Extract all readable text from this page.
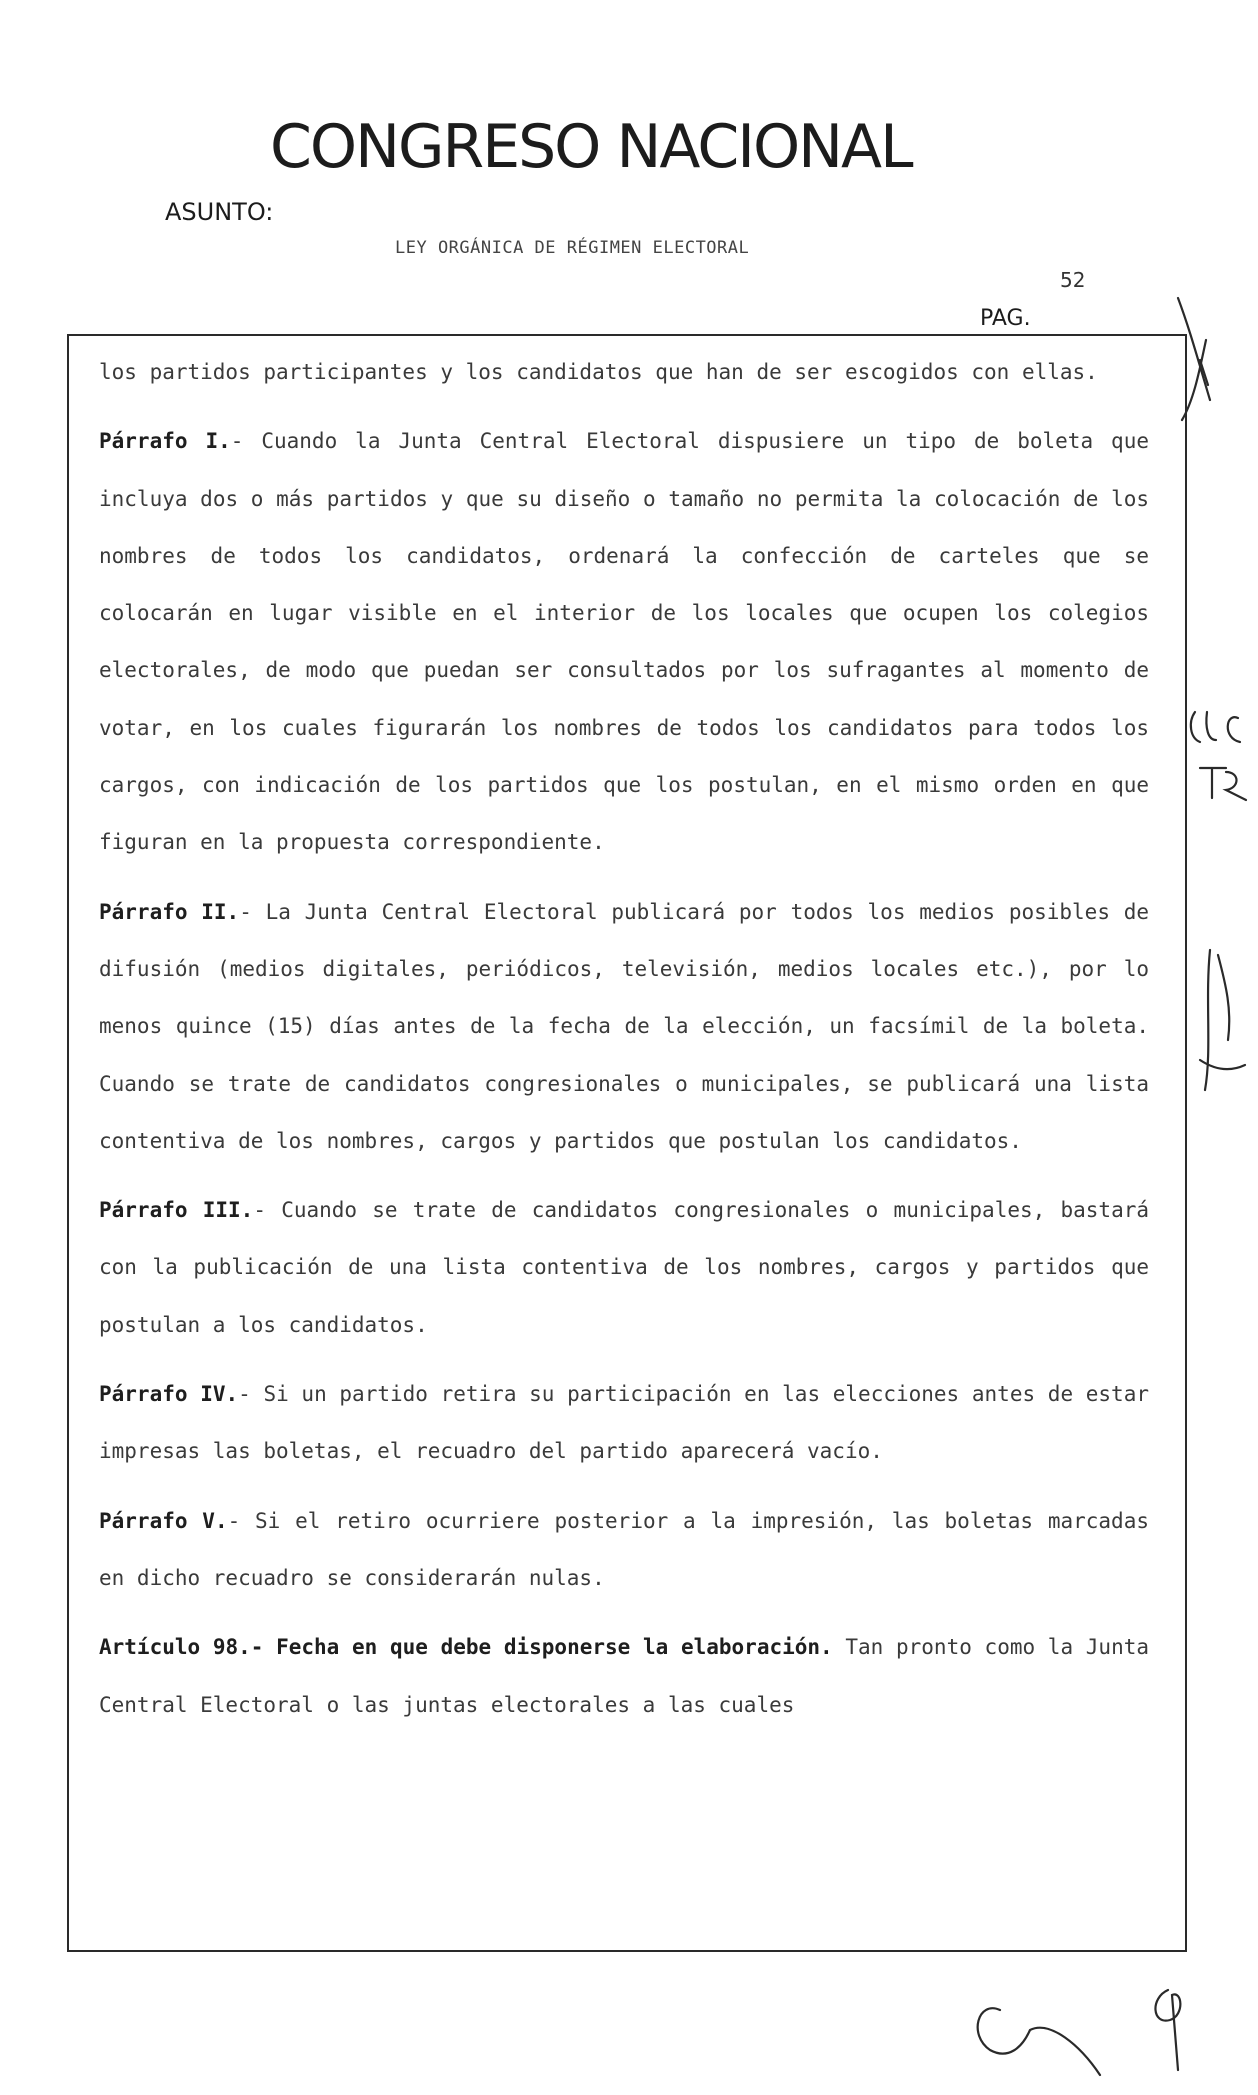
CONGRESO NACIONAL
ASUNTO:
LEY ORGÁNICA DE RÉGIMEN ELECTORAL
52
PAG.

los partidos participantes y los candidatos que han de ser escogidos con ellas.

Párrafo I.- Cuando la Junta Central Electoral dispusiere un tipo de boleta que incluya dos o más partidos y que su diseño o tamaño no permita la colocación de los nombres de todos los candidatos, ordenará la confección de carteles que se colocarán en lugar visible en el interior de los locales que ocupen los colegios electorales, de modo que puedan ser consultados por los sufragantes al momento de votar, en los cuales figurarán los nombres de todos los candidatos para todos los cargos, con indicación de los partidos que los postulan, en el mismo orden en que figuran en la propuesta correspondiente.

Párrafo II.- La Junta Central Electoral publicará por todos los medios posibles de difusión (medios digitales, periódicos, televisión, medios locales etc.), por lo menos quince (15) días antes de la fecha de la elección, un facsímil de la boleta. Cuando se trate de candidatos congresionales o municipales, se publicará una lista contentiva de los nombres, cargos y partidos que postulan los candidatos.

Párrafo III.- Cuando se trate de candidatos congresionales o municipales, bastará con la publicación de una lista contentiva de los nombres, cargos y partidos que postulan a los candidatos.

Párrafo IV.- Si un partido retira su participación en las elecciones antes de estar impresas las boletas, el recuadro del partido aparecerá vacío.

Párrafo V.- Si el retiro ocurriere posterior a la impresión, las boletas marcadas en dicho recuadro se considerarán nulas.

Artículo 98.- Fecha en que debe disponerse la elaboración. Tan pronto como la Junta Central Electoral o las juntas electorales a las cuales
